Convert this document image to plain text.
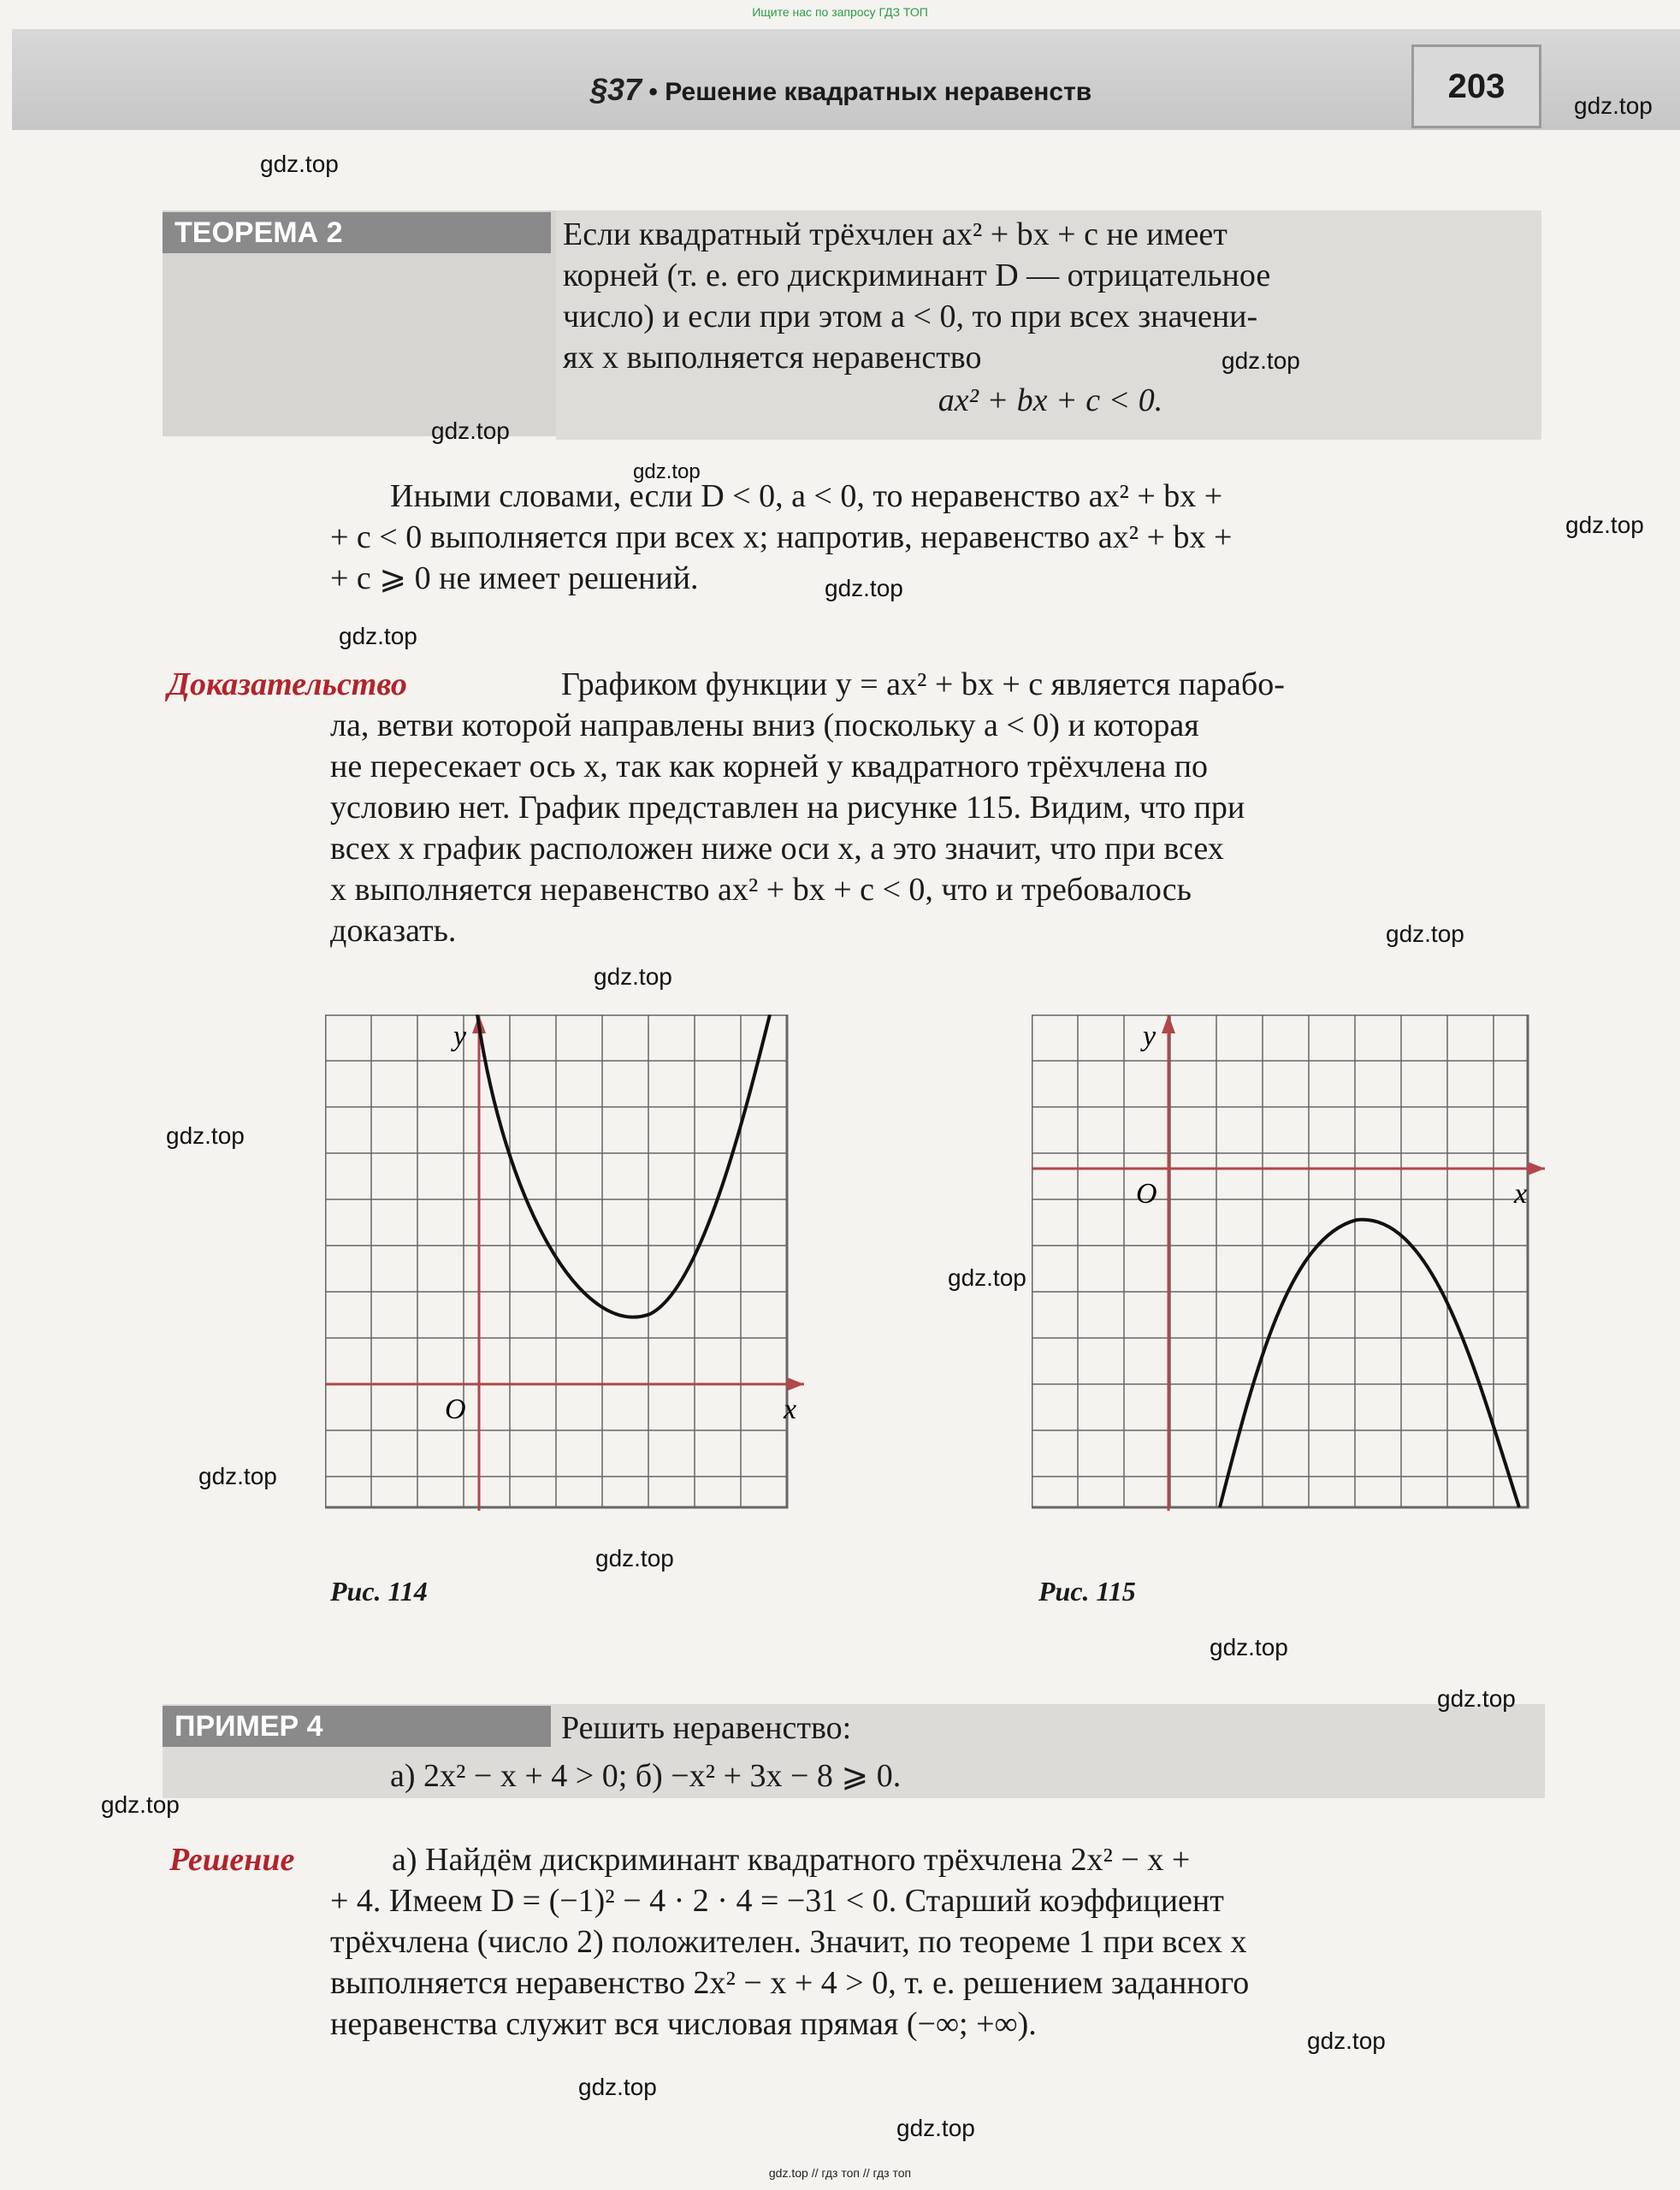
Ищите нас по запросу ГДЗ ТОП
gdz.top // гдз топ // гдз топ
§37 • Решение квадратных неравенств	203
ТЕОРЕМА 2	Если квадратный трёхчлен ax² + bx + c не имеет
корней (т. е. его дискриминант D — отрицательное
число) и если при этом a < 0, то при всех значени-
ях x выполняется неравенство
ax² + bx + c < 0.
Иными словами, если D < 0, a < 0, то неравенство ax² + bx +
+ c < 0 выполняется при всех x; напротив, неравенство ax² + bx +
+ c ⩾ 0 не имеет решений.
Доказательство	Графиком функции y = ax² + bx + c является парабо-
ла, ветви которой направлены вниз (поскольку a < 0) и которая
не пересекает ось x, так как корней у квадратного трёхчлена по
условию нет. График представлен на рисунке 115. Видим, что при
всех x график расположен ниже оси x, а это значит, что при всех
x выполняется неравенство ax² + bx + c < 0, что и требовалось
доказать.
y
x
O
Рис. 114
y
x
O
Рис. 115
ПРИМЕР 4	Решить неравенство:
а) 2x² − x + 4 > 0; б) −x² + 3x − 8 ⩾ 0.
Решение	а) Найдём дискриминант квадратного трёхчлена 2x² − x +
+ 4. Имеем D = (−1)² − 4 · 2 · 4 = −31 < 0. Старший коэффициент
трёхчлена (число 2) положителен. Значит, по теореме 1 при всех x
выполняется неравенство 2x² − x + 4 > 0, т. е. решением заданного
неравенства служит вся числовая прямая (−∞; +∞).
gdz.top
gdz.top
gdz.top
gdz.top
gdz.top
gdz.top
gdz.top
gdz.top
gdz.top
gdz.top
gdz.top
gdz.top
gdz.top
gdz.top
gdz.top
gdz.top
gdz.top
gdz.top
gdz.top
gdz.top
